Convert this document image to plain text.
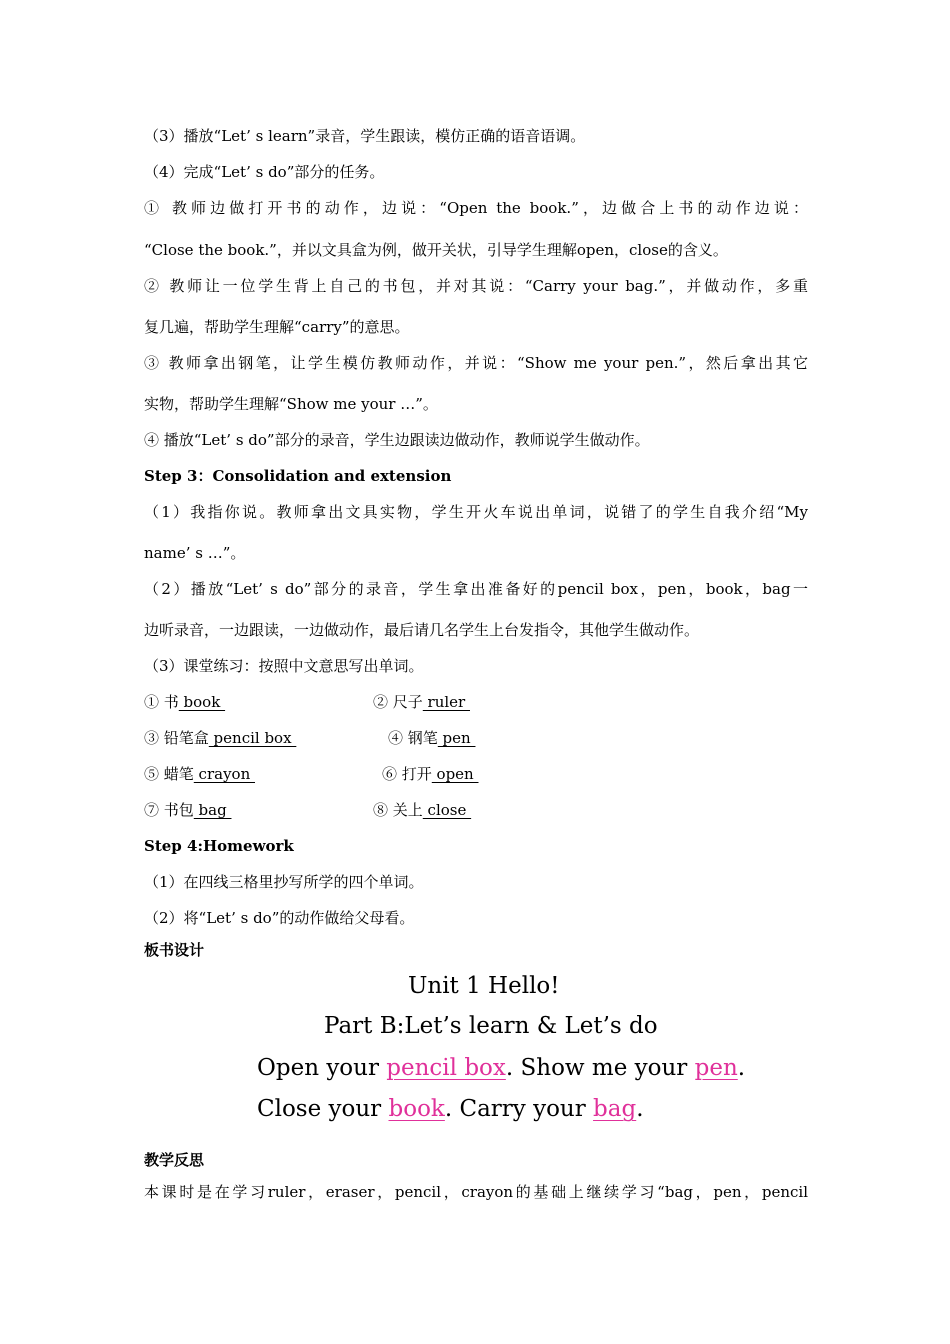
（3）播放“Let’ s learn”录音，学生跟读，模仿正确的语音语调。
（4）完成“Let’ s do”部分的任务。
① 教师边做打开书的动作，边说：“Open the book.”，边做合上书的动作边说：
“Close the book.”，并以文具盒为例，做开关状，引导学生理解open，close的含义。
② 教师让一位学生背上自己的书包，并对其说：“Carry your bag.”，并做动作，多重
复几遍，帮助学生理解“carry”的意思。
③ 教师拿出钢笔，让学生模仿教师动作，并说：“Show me your pen.”，然后拿出其它
实物，帮助学生理解“Show me your …”。
④ 播放“Let’ s do”部分的录音，学生边跟读边做动作，教师说学生做动作。
Step 3：Consolidation and extension
（1）我指你说。教师拿出文具实物，学生开火车说出单词，说错了的学生自我介绍“My
name’ s …”。
（2）播放“Let’ s do”部分的录音，学生拿出准备好的pencil box，pen，book，bag一
边听录音，一边跟读，一边做动作，最后请几名学生上台发指令，其他学生做动作。
（3）课堂练习：按照中文意思写出单词。
① 书 book	② 尺子 ruler
③ 铅笔盒 pencil box	④ 钢笔 pen
⑤ 蜡笔 crayon	⑥ 打开 open
⑦ 书包 bag	⑧ 关上 close
Step 4:Homework
（1）在四线三格里抄写所学的四个单词。
（2）将“Let’ s do”的动作做给父母看。
板书设计
Unit 1 Hello!
Part B:Let’s learn & Let’s do
Open your pencil box. Show me your pen.
Close your book. Carry your bag.
教学反思
本课时是在学习ruler，eraser，pencil，crayon的基础上继续学习“bag，pen，pencil
